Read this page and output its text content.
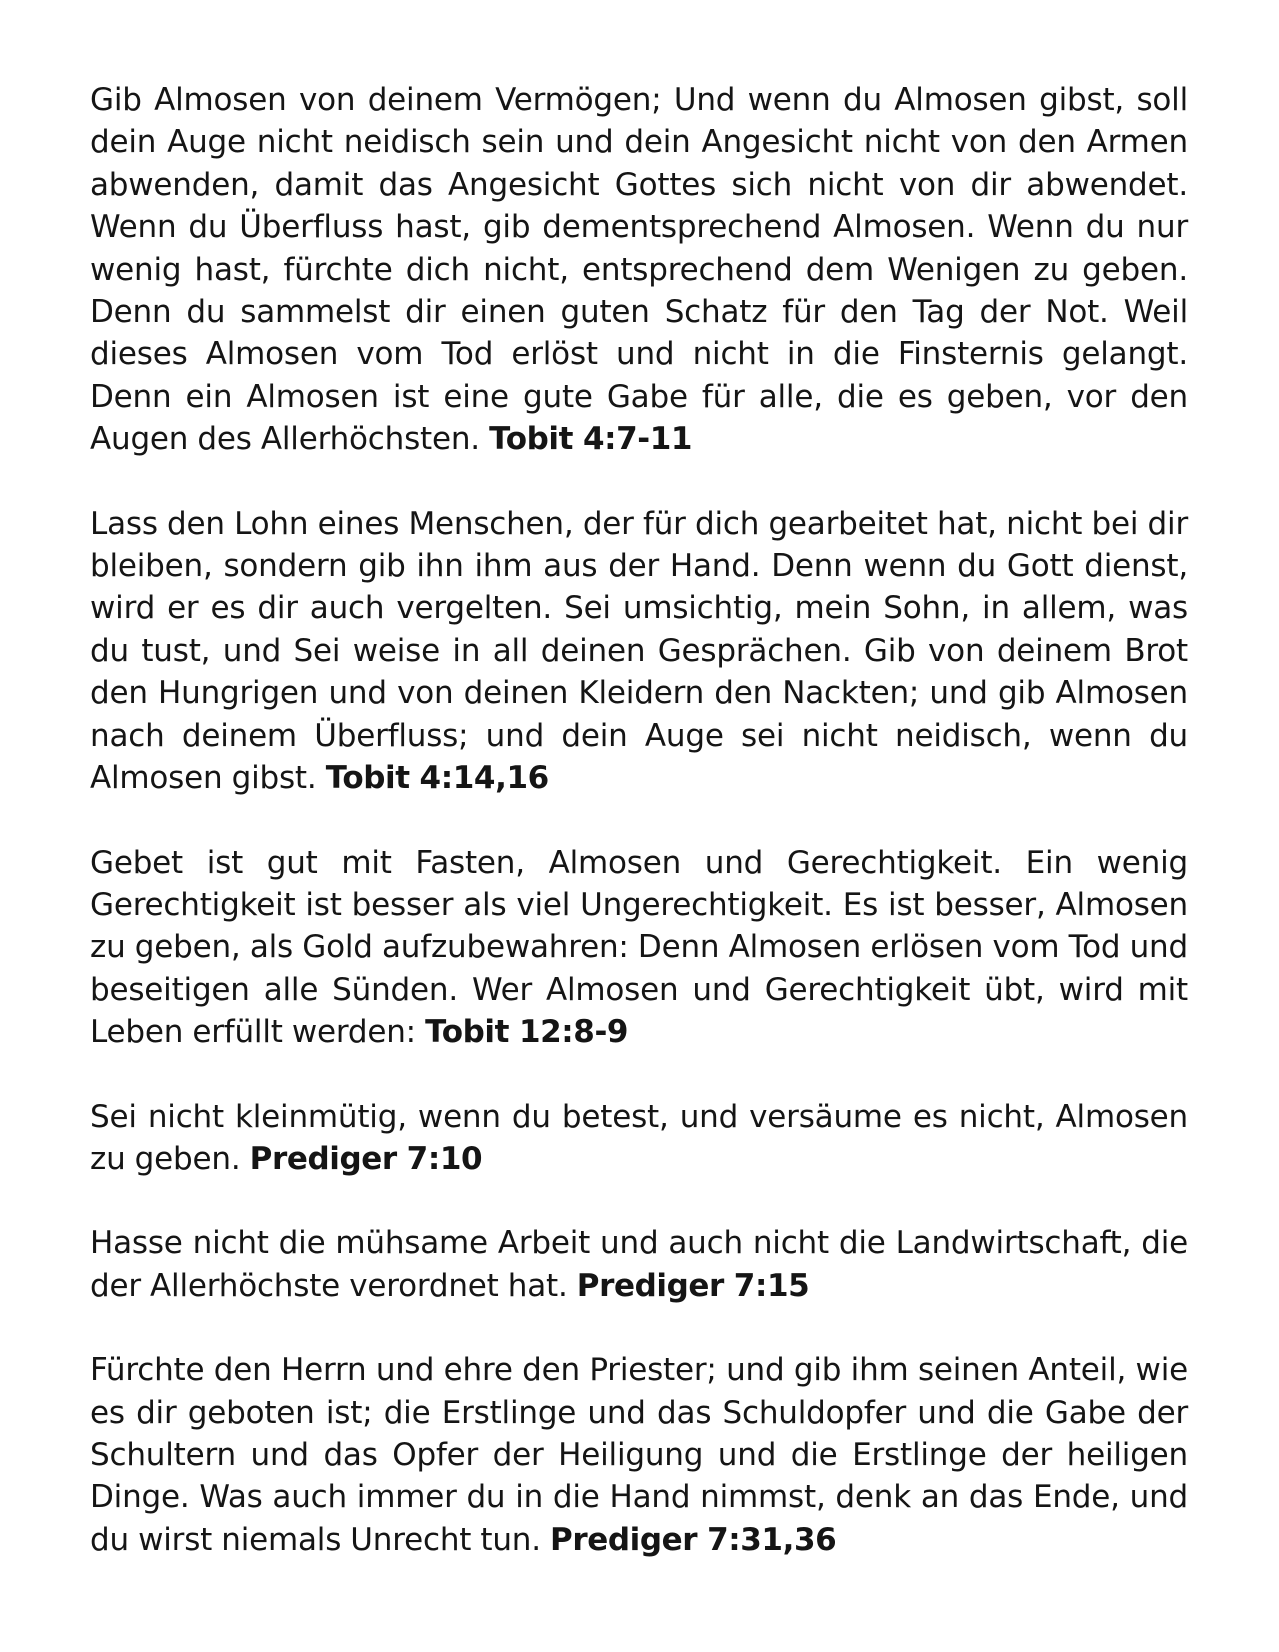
Gib Almosen von deinem Vermögen; Und wenn du Almosen gibst, soll dein Auge nicht neidisch sein und dein Angesicht nicht von den Armen abwenden, damit das Angesicht Gottes sich nicht von dir abwendet. Wenn du Überfluss hast, gib dementsprechend Almosen. Wenn du nur wenig hast, fürchte dich nicht, entsprechend dem Wenigen zu geben. Denn du sammelst dir einen guten Schatz für den Tag der Not. Weil dieses Almosen vom Tod erlöst und nicht in die Finsternis gelangt. Denn ein Almosen ist eine gute Gabe für alle, die es geben, vor den Augen des Allerhöchsten. Tobit 4:7-11

Lass den Lohn eines Menschen, der für dich gearbeitet hat, nicht bei dir bleiben, sondern gib ihn ihm aus der Hand. Denn wenn du Gott dienst, wird er es dir auch vergelten. Sei umsichtig, mein Sohn, in allem, was du tust, und Sei weise in all deinen Gesprächen. Gib von deinem Brot den Hungrigen und von deinen Kleidern den Nackten; und gib Almosen nach deinem Überfluss; und dein Auge sei nicht neidisch, wenn du Almosen gibst. Tobit 4:14,16

Gebet ist gut mit Fasten, Almosen und Gerechtigkeit. Ein wenig Gerechtigkeit ist besser als viel Ungerechtigkeit. Es ist besser, Almosen zu geben, als Gold aufzubewahren: Denn Almosen erlösen vom Tod und beseitigen alle Sünden. Wer Almosen und Gerechtigkeit übt, wird mit Leben erfüllt werden: Tobit 12:8-9

Sei nicht kleinmütig, wenn du betest, und versäume es nicht, Almosen zu geben. Prediger 7:10

Hasse nicht die mühsame Arbeit und auch nicht die Landwirtschaft, die der Allerhöchste verordnet hat. Prediger 7:15

Fürchte den Herrn und ehre den Priester; und gib ihm seinen Anteil, wie es dir geboten ist; die Erstlinge und das Schuldopfer und die Gabe der Schultern und das Opfer der Heiligung und die Erstlinge der heiligen Dinge. Was auch immer du in die Hand nimmst, denk an das Ende, und du wirst niemals Unrecht tun. Prediger 7:31,36
